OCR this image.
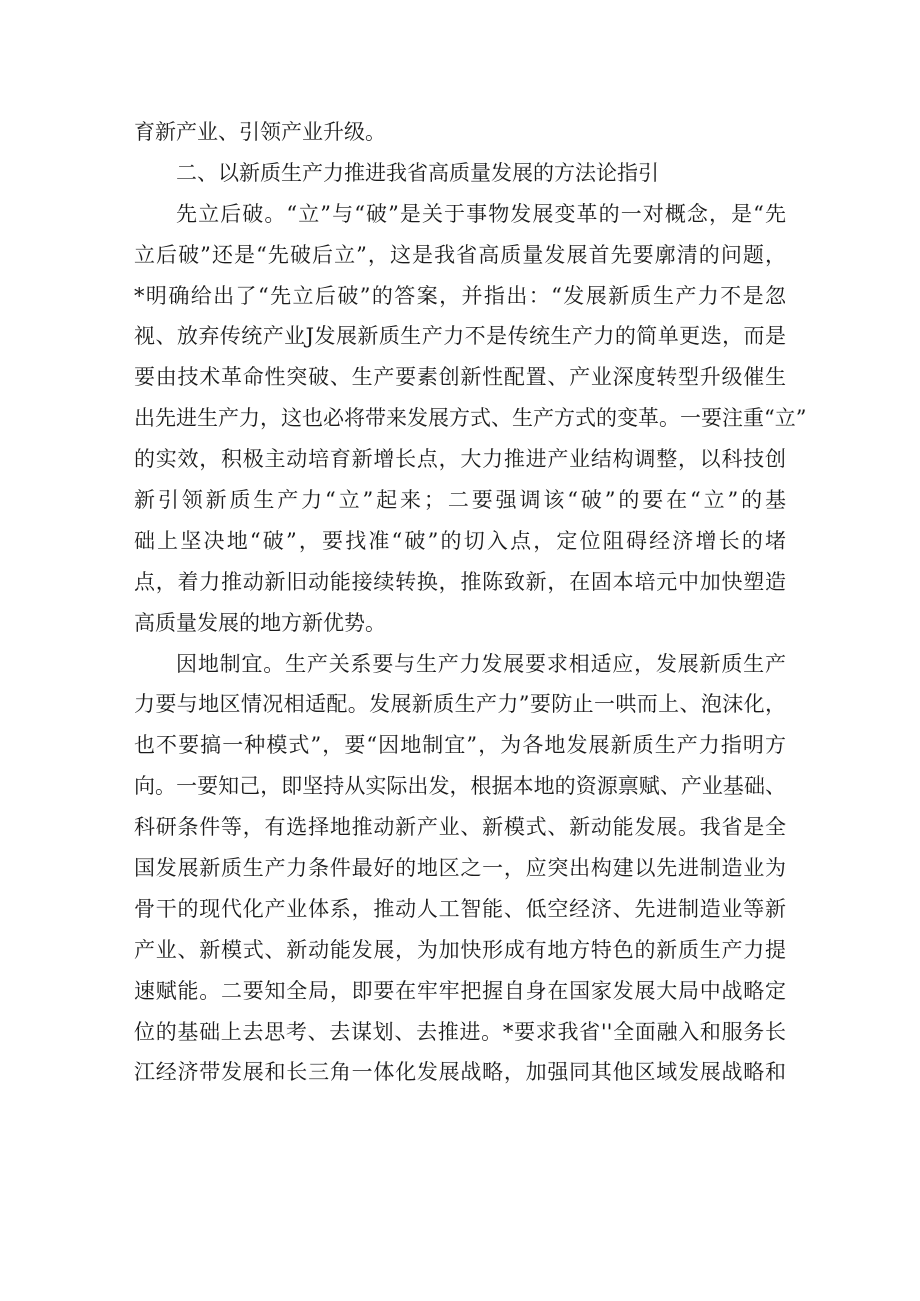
育新产业、引领产业升级。
二、以新质生产力推进我省高质量发展的方法论指引
先立后破。“立”与“破”是关于事物发展变革的一对概念，是“先
立后破”还是“先破后立”，这是我省高质量发展首先要廓清的问题，
*明确给出了“先立后破”的答案，并指出：“发展新质生产力不是忽
视、放弃传统产业J发展新质生产力不是传统生产力的简单更迭，而是
要由技术革命性突破、生产要素创新性配置、产业深度转型升级催生
出先进生产力，这也必将带来发展方式、生产方式的变革。一要注重“立”
的实效，积极主动培育新增长点，大力推进产业结构调整，以科技创
新引领新质生产力“立”起来；二要强调该“破”的要在“立”的基
础上坚决地“破”，要找准“破”的切入点，定位阻碍经济增长的堵
点，着力推动新旧动能接续转换，推陈致新，在固本培元中加快塑造
高质量发展的地方新优势。
因地制宜。生产关系要与生产力发展要求相适应，发展新质生产
力要与地区情况相适配。发展新质生产力”要防止一哄而上、泡沫化，
也不要搞一种模式”，要“因地制宜”，为各地发展新质生产力指明方
向。一要知己，即坚持从实际出发，根据本地的资源禀赋、产业基础、
科研条件等，有选择地推动新产业、新模式、新动能发展。我省是全
国发展新质生产力条件最好的地区之一，应突出构建以先进制造业为
骨干的现代化产业体系，推动人工智能、低空经济、先进制造业等新
产业、新模式、新动能发展，为加快形成有地方特色的新质生产力提
速赋能。二要知全局，即要在牢牢把握自身在国家发展大局中战略定
位的基础上去思考、去谋划、去推进。*要求我省''全面融入和服务长
江经济带发展和长三角一体化发展战略，加强同其他区域发展战略和
